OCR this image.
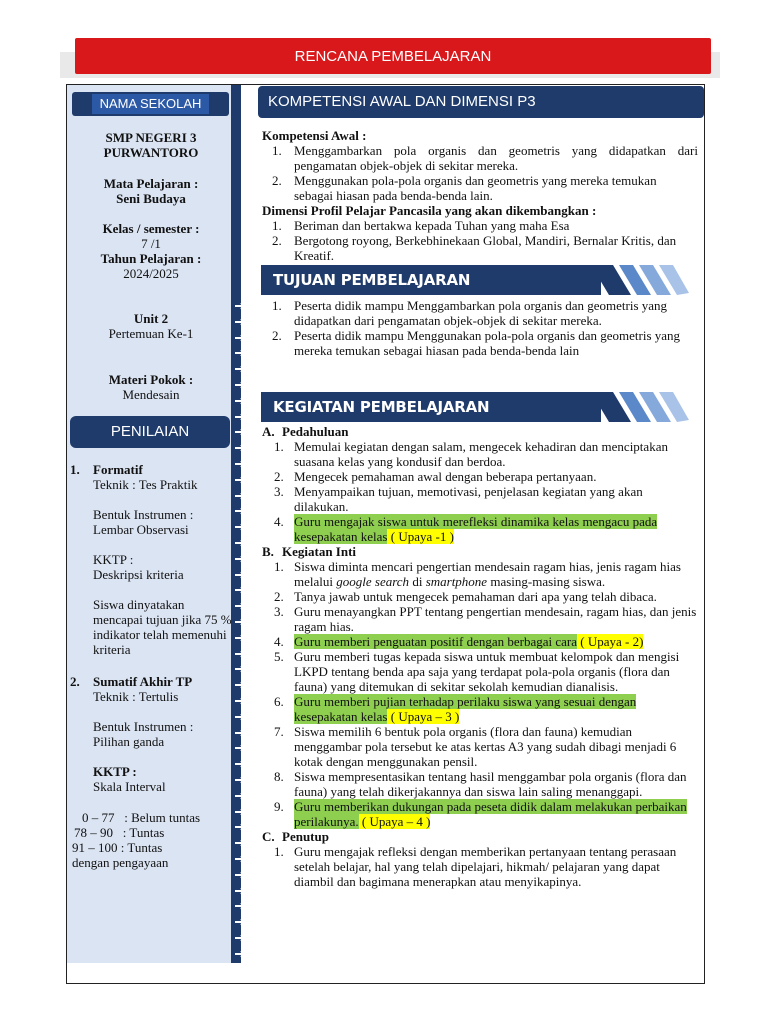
RENCANA PEMBELAJARAN
NAMA SEKOLAH
SMP NEGERI 3
PURWANTORO
Mata Pelajaran :
Seni Budaya
Kelas / semester :
7 /1
Tahun Pelajaran :
2024/2025
Unit 2
Pertemuan Ke-1
Materi Pokok :
Mendesain
PENILAIAN
1. Formatif
Teknik : Tes Praktik
Bentuk Instrumen :
Lembar Observasi
KKTP :
Deskripsi kriteria
Siswa dinyatakan mencapai tujuan jika 75 % indikator telah memenuhi kriteria
2. Sumatif Akhir TP
Teknik : Tertulis
Bentuk Instrumen :
Pilihan ganda
KKTP :
Skala Interval
0 – 77   : Belum tuntas
78 – 90   : Tuntas
91 – 100 : Tuntas
dengan pengayaan
KOMPETENSI AWAL DAN DIMENSI P3

Kompetensi Awal :

1. Menggambarkan pola organis dan geometris yang didapatkan dari pengamatan objek-objek di sekitar mereka.
2. Menggunakan pola-pola organis dan geometris yang mereka temukan sebagai hiasan pada benda-benda lain.

Dimensi Profil Pelajar Pancasila yang akan dikembangkan :

1. Beriman dan bertakwa kepada Tuhan yang maha Esa
2. Bergotong royong, Berkebhinekaan Global, Mandiri, Bernalar Kritis, dan Kreatif.
TUJUAN PEMBELAJARAN
1. Peserta didik mampu Menggambarkan pola organis dan geometris yang didapatkan dari pengamatan objek-objek di sekitar mereka.
2. Peserta didik mampu Menggunakan pola-pola organis dan geometris yang mereka temukan sebagai hiasan pada benda-benda lain
KEGIATAN PEMBELAJARAN
A. Pedahuluan
1. Memulai kegiatan dengan salam, mengecek kehadiran dan menciptakan suasana kelas yang kondusif dan berdoa.
2. Mengecek pemahaman awal dengan beberapa pertanyaan.
3. Menyampaikan tujuan, memotivasi, penjelasan kegiatan yang akan dilakukan.
4. Guru mengajak siswa untuk merefleksi dinamika kelas mengacu pada kesepakatan kelas ( Upaya -1 )
B. Kegiatan Inti
1. Siswa diminta mencari pengertian mendesain ragam hias, jenis ragam hias melalui google search di smartphone masing-masing siswa.
2. Tanya jawab untuk mengecek pemahaman dari apa yang telah dibaca.
3. Guru menayangkan PPT tentang pengertian mendesain, ragam hias, dan jenis ragam hias.
4. Guru memberi penguatan positif dengan berbagai cara ( Upaya - 2)
5. Guru memberi tugas kepada siswa untuk membuat kelompok dan mengisi LKPD tentang benda apa saja yang terdapat pola-pola organis (flora dan fauna) yang ditemukan di sekitar sekolah kemudian dianalisis.
6. Guru memberi pujian terhadap perilaku siswa yang sesuai dengan kesepakatan kelas ( Upaya – 3 )
7. Siswa memilih 6 bentuk pola organis (flora dan fauna) kemudian menggambar pola tersebut ke atas kertas A3 yang sudah dibagi menjadi 6 kotak dengan menggunakan pensil.
8. Siswa mempresentasikan tentang hasil menggambar pola organis (flora dan fauna) yang telah dikerjakannya dan siswa lain saling menanggapi.
9. Guru memberikan dukungan pada peseta didik dalam melakukan perbaikan perilakunya. ( Upaya – 4 )
C. Penutup
1. Guru mengajak refleksi dengan memberikan pertanyaan tentang perasaan setelah belajar, hal yang telah dipelajari, hikmah/ pelajaran yang dapat diambil dan bagimana menerapkan atau menyikapinya.
